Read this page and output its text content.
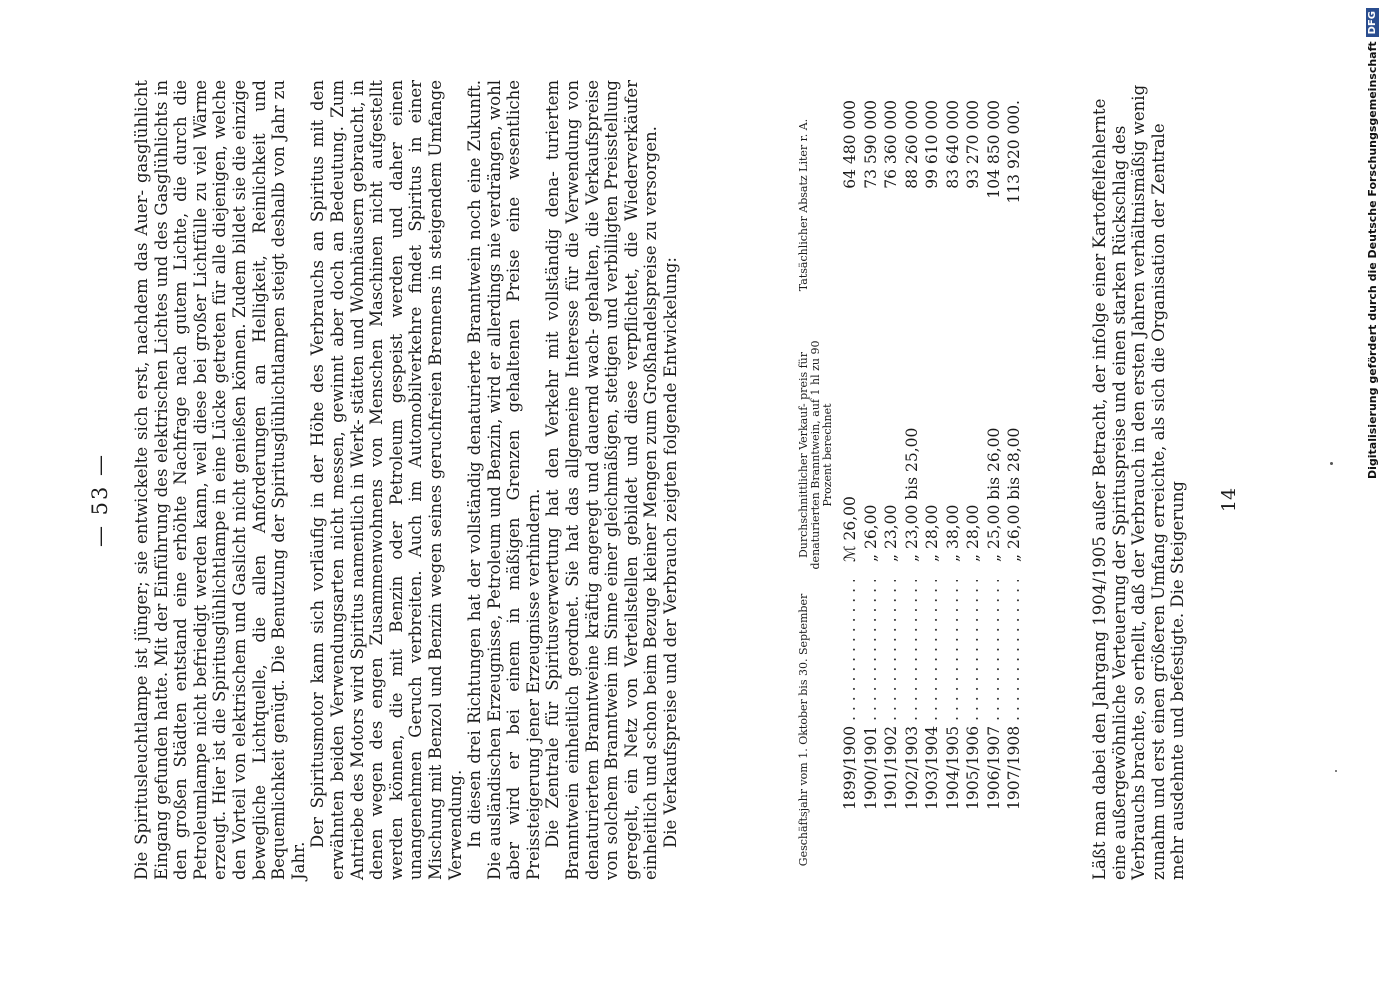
— 53 — Die Spiritusleuchtlampe ist jünger; sie entwickelte sich erst, nachdem das Auer- gasglühlicht Eingang gefunden hatte. Mit der Einführung des elektrischen Lichtes und des Gasglühlichts in den großen Städten entstand eine erhöhte Nachfrage nach gutem Lichte, die durch die Petroleumlampe nicht befriedigt werden kann, weil diese bei großer Lichtfülle zu viel Wärme erzeugt. Hier ist die Spiritusglühlichtlampe in eine Lücke getreten für alle diejenigen, welche den Vorteil von elektrischem und Gaslicht nicht genießen können. Zudem bildet sie die einzige bewegliche Lichtquelle, die allen Anforderungen an Helligkeit, Reinlichkeit und Bequemlichkeit genügt. Die Benutzung der Spiritusglühlichtlampen steigt deshalb von Jahr zu Jahr.

Der Spiritusmotor kann sich vorläufig in der Höhe des Verbrauchs an Spiritus mit den erwähnten beiden Verwendungsarten nicht messen, gewinnt aber doch an Bedeutung. Zum Antriebe des Motors wird Spiritus namentlich in Werk- stätten und Wohnhäusern gebraucht, in denen wegen des engen Zusammenwohnens von Menschen Maschinen nicht aufgestellt werden können, die mit Benzin oder Petroleum gespeist werden und daher einen unangenehmen Geruch verbreiten. Auch im Automobilverkehre findet Spiritus in einer Mischung mit Benzol und Benzin wegen seines geruchfreien Brennens in steigendem Umfange Verwendung. In diesen drei Richtungen hat der vollständig denaturierte Branntwein noch eine Zukunft. Die ausländischen Erzeugnisse, Petroleum und Benzin, wird er allerdings nie verdrängen, wohl aber wird er bei einem in mäßigen Grenzen gehaltenen Preise eine wesentliche Preissteigerung jener Erzeugnisse verhindern. Die Zentrale für Spiritusverwertung hat den Verkehr mit vollständig dena- turiertem Branntwein einheitlich geordnet. Sie hat das allgemeine Interesse für die Verwendung von denaturiertem Branntweine kräftig angeregt und dauernd wach- gehalten, die Verkaufspreise von solchem Branntwein im Sinne einer gleichmäßigen, stetigen und verbilligten Preisstellung geregelt, ein Netz von Verteilstellen gebildet und diese verpflichtet, die Wiederverkäufer einheitlich und schon beim Bezuge kleiner Mengen zum Großhandelspreise zu versorgen. Die Verkaufspreise und der Verbrauch zeigten folgende Entwickelung:	Geschäftsjahr vom 1. Oktober bis 30. September
Durchschnittlicher Verkauf- preis für denaturierten Branntwein, auf 1 hl zu 90 Prozent berechnet
Tatsächlicher Absatz Liter r. A.
1899/1900 . . .
ℳ 26,00
64 480 000
1900/1901 . . .
„ 26,00
73 590 000
1901/1902 . . .
„ 23,00
76 360 000
1902/1903 . . .
„ 23,00 bis 25,00
88 260 000
1903/1904 . . .
„ 28,00
99 610 000
1904/1905 . . .
„ 38,00
83 640 000
1905/1906 . . .
„ 28,00
93 270 000
1906/1907 . . .
„ 25,00 bis 26,00
104 850 000
1907/1908 . . .
„ 26,00 bis 28,00
113 920 000.	Läßt man dabei den Jahrgang 1904/1905 außer Betracht, der infolge einer Kartoffelfehlernte eine außergewöhnliche Verteuerung der Spirituspreise und einen starken Rückschlag des Verbrauchs brachte, so erhellt, daß der Verbrauch in den ersten Jahren verhältnismäßig wenig zunahm und erst einen größeren Umfang erreichte, als sich die Organisation der Zentrale mehr ausdehnte und befestigte. Die Steigerung 14
Digitalisierung gefördert durch die Deutsche Forschungsgemeinschaft
DFG
